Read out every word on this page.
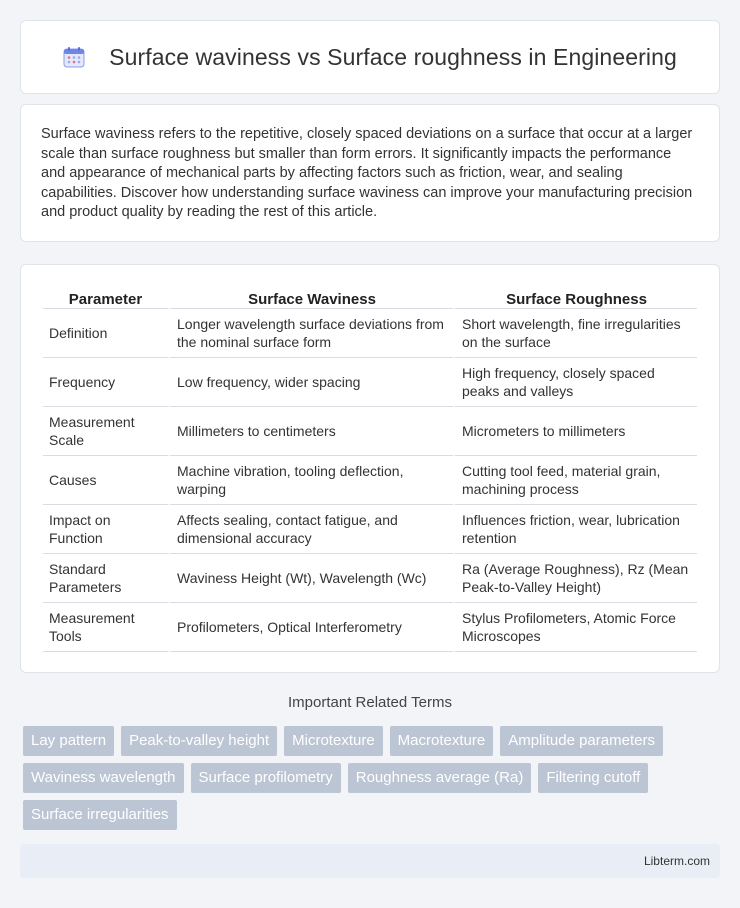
Surface waviness vs Surface roughness in Engineering

Surface waviness refers to the repetitive, closely spaced deviations on a surface that occur at a larger scale than surface roughness but smaller than form errors. It significantly impacts the performance and appearance of mechanical parts by affecting factors such as friction, wear, and sealing capabilities. Discover how understanding surface waviness can improve your manufacturing precision and product quality by reading the rest of this article.

Parameter	Surface Waviness	Surface Roughness
Definition	Longer wavelength surface deviations from the nominal surface form	Short wavelength, fine irregularities on the surface
Frequency	Low frequency, wider spacing	High frequency, closely spaced peaks and valleys
Measurement Scale	Millimeters to centimeters	Micrometers to millimeters
Causes	Machine vibration, tooling deflection, warping	Cutting tool feed, material grain, machining process
Impact on Function	Affects sealing, contact fatigue, and dimensional accuracy	Influences friction, wear, lubrication retention
Standard Parameters	Waviness Height (Wt), Wavelength (Wc)	Ra (Average Roughness), Rz (Mean Peak-to-Valley Height)
Measurement Tools	Profilometers, Optical Interferometry	Stylus Profilometers, Atomic Force Microscopes
Important Related Terms
Lay pattern	Peak-to-valley height	Microtexture	Macrotexture	Amplitude parameters
Waviness wavelength	Surface profilometry	Roughness average (Ra)	Filtering cutoff
Surface irregularities
Libterm.com
